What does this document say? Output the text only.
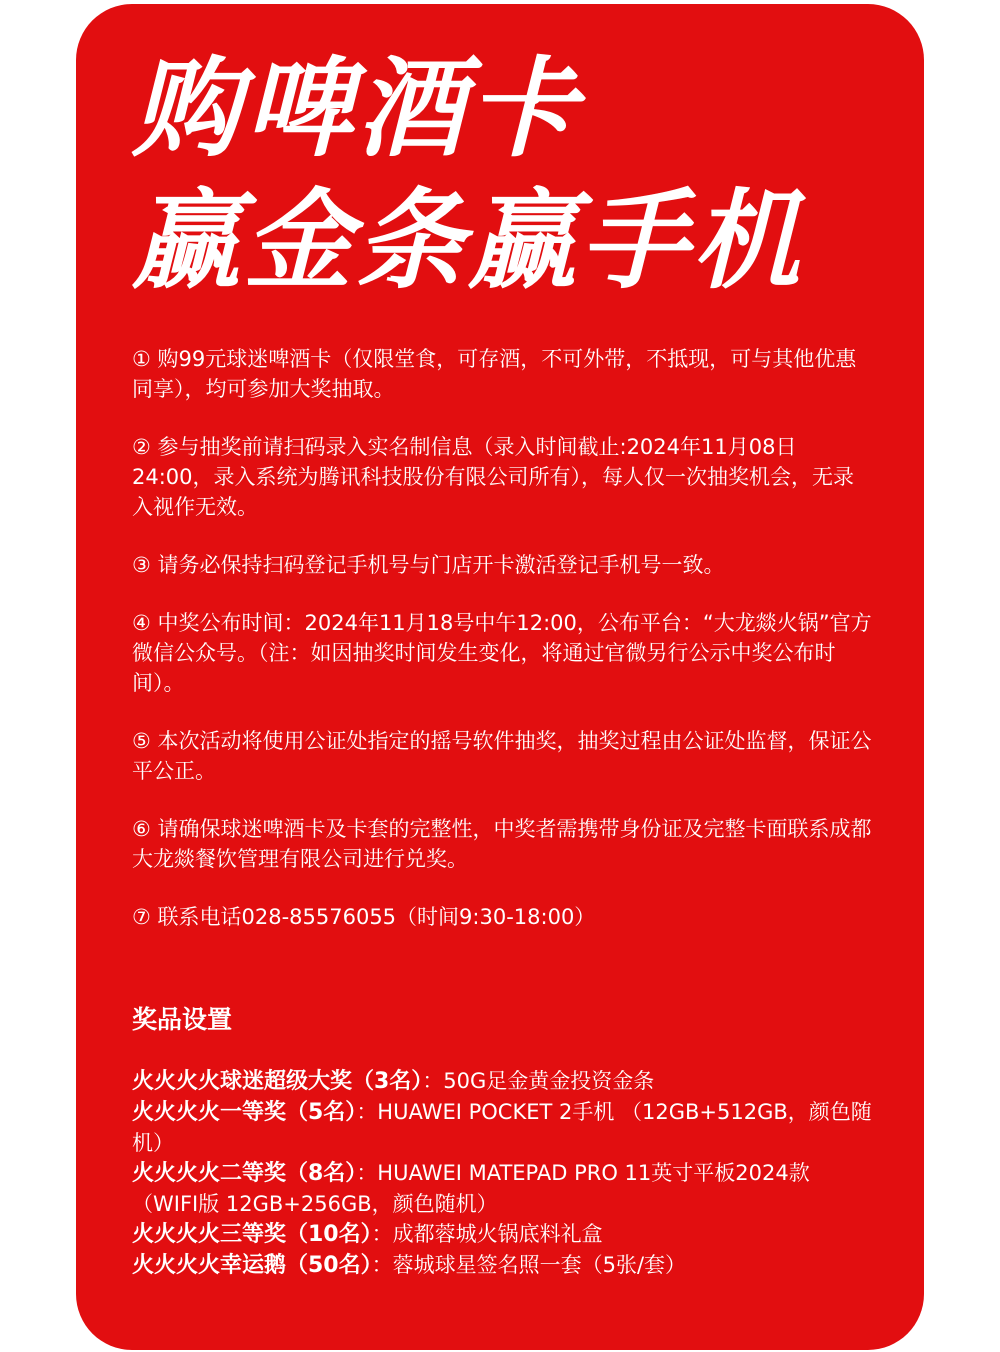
购啤酒卡
赢金条赢手机

① 购99元球迷啤酒卡（仅限堂食，可存酒，不可外带，不抵现，可与其他优惠同享），均可参加大奖抽取。

② 参与抽奖前请扫码录入实名制信息（录入时间截止:2024年11月08日 24:00，录入系统为腾讯科技股份有限公司所有），每人仅一次抽奖机会，无录入视作无效。

③ 请务必保持扫码登记手机号与门店开卡激活登记手机号一致。

④ 中奖公布时间：2024年11月18号中午12:00，公布平台：“大龙燚火锅”官方微信公众号。（注：如因抽奖时间发生变化，将通过官微另行公示中奖公布时间）。

⑤ 本次活动将使用公证处指定的摇号软件抽奖，抽奖过程由公证处监督，保证公平公正。

⑥ 请确保球迷啤酒卡及卡套的完整性，中奖者需携带身份证及完整卡面联系成都大龙燚餐饮管理有限公司进行兑奖。

⑦ 联系电话028-85576055（时间9:30-18:00）

奖品设置

火火火火球迷超级大奖（3名）：50G足金黄金投资金条

火火火火一等奖（5名）：HUAWEI POCKET 2手机 （12GB+512GB，颜色随机）

火火火火二等奖（8名）：HUAWEI MATEPAD PRO 11英寸平板2024款 （WIFI版 12GB+256GB，颜色随机）

火火火火三等奖（10名）：成都蓉城火锅底料礼盒

火火火火幸运鹅（50名）：蓉城球星签名照一套（5张/套）
